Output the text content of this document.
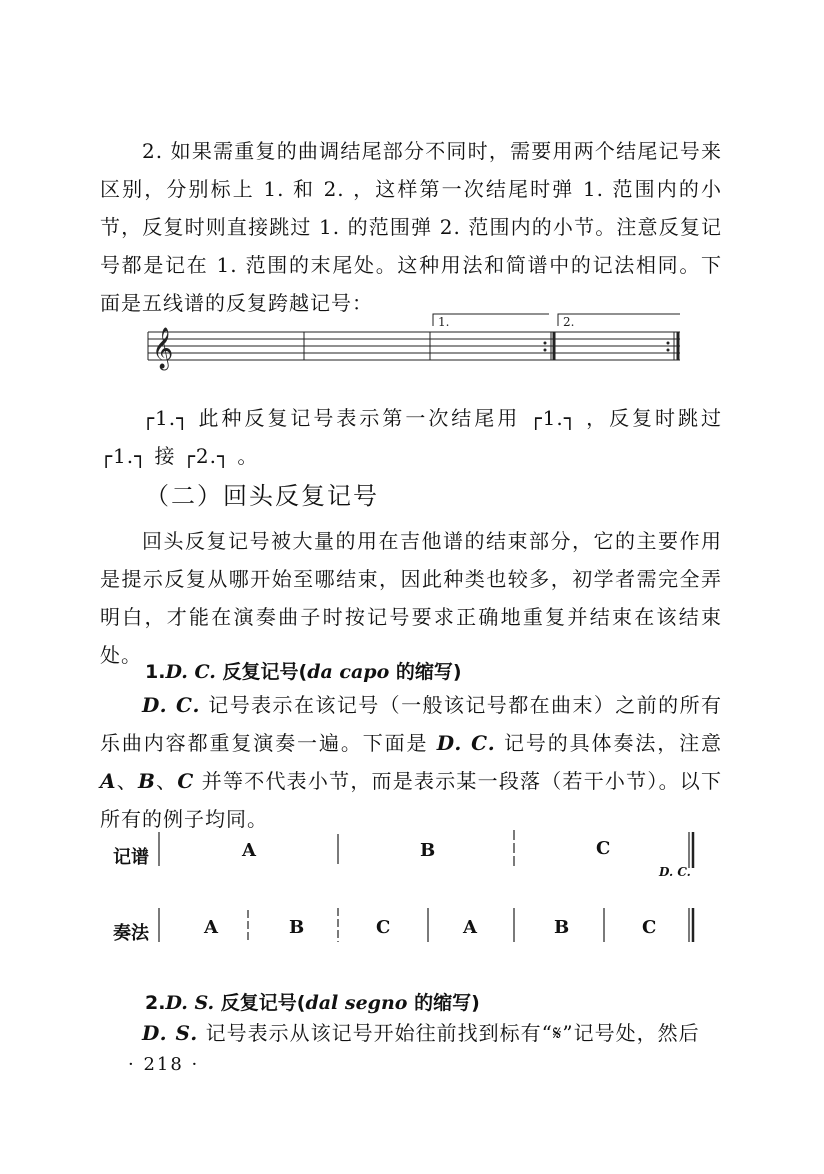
2. 如果需重复的曲调结尾部分不同时，需要用两个结尾记号来区别，分别标上 1. 和 2. ，这样第一次结尾时弹 1. 范围内的小节，反复时则直接跳过 1. 的范围弹 2. 范围内的小节。注意反复记号都是记在 1. 范围的末尾处。这种用法和简谱中的记法相同。下面是五线谱的反复跨越记号：

𝄞
1.	2.

┌1.┐ 此种反复记号表示第一次结尾用 ┌1.┐ ，反复时跳过 ┌1.┐ 接 ┌2.┐ 。

（二）回头反复记号

回头反复记号被大量的用在吉他谱的结束部分，它的主要作用是提示反复从哪开始至哪结束，因此种类也较多，初学者需完全弄明白，才能在演奏曲子时按记号要求正确地重复并结束在该结束处。

1.D. C. 反复记号(da capo 的缩写)

D. C. 记号表示在该记号（一般该记号都在曲末）之前的所有乐曲内容都重复演奏一遍。下面是 D. C. 记号的具体奏法，注意 A、B、C 并等不代表小节，而是表示某一段落（若干小节）。以下所有的例子均同。

记谱	A	B	C
D. C.
奏法	A	B	C	A	B	C
2.D. S. 反复记号(dal segno 的缩写)

D. S. 记号表示从该记号开始往前找到标有“𝄋”记号处，然后

· 218 ·
